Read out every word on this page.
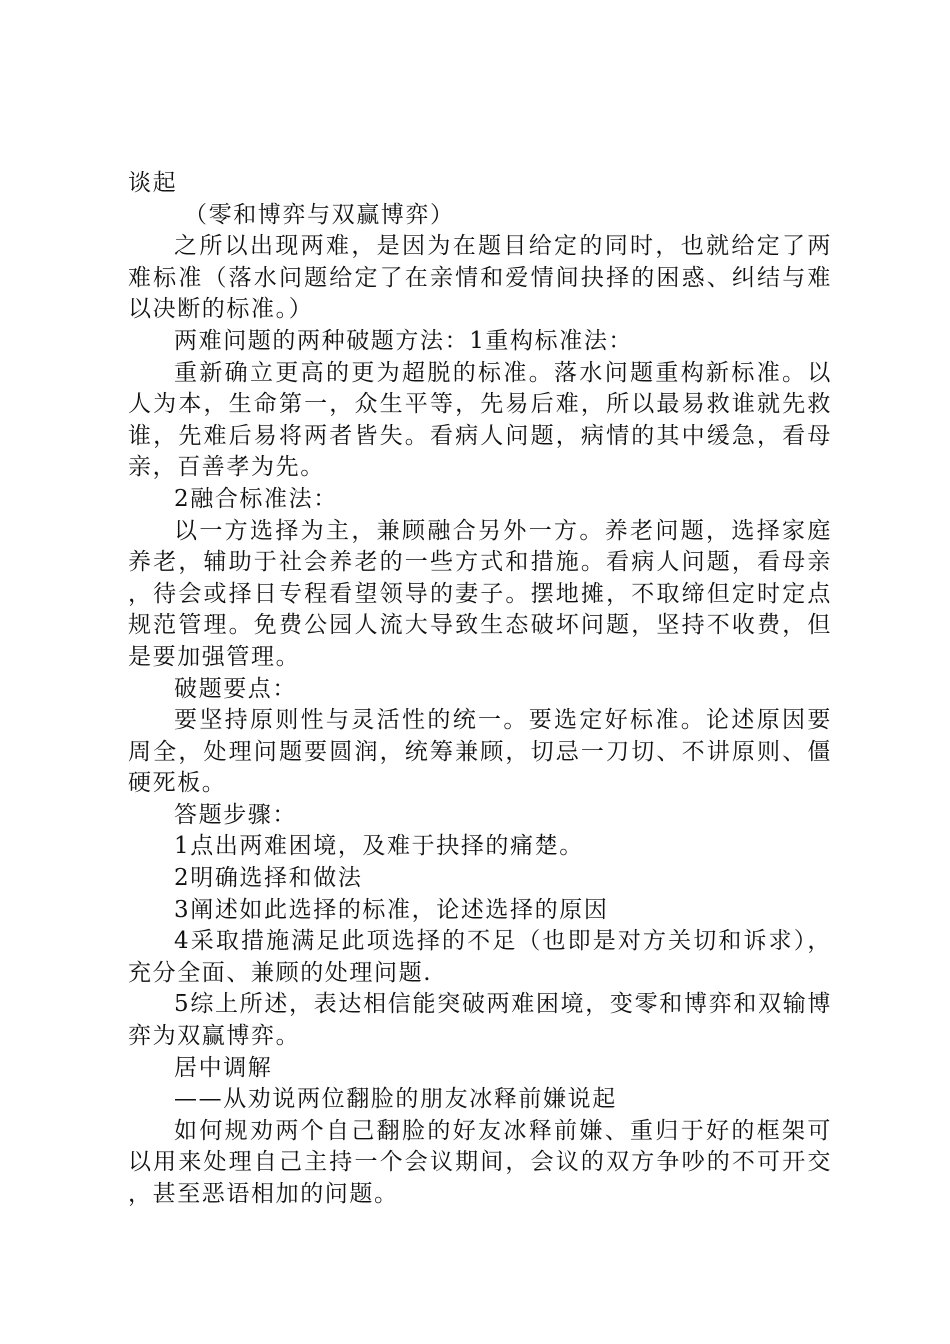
谈起

（零和博弈与双赢博弈）

之所以出现两难，是因为在题目给定的同时，也就给定了两难标准（落水问题给定了在亲情和爱情间抉择的困惑、纠结与难以决断的标准。）

两难问题的两种破题方法：1重构标准法：

重新确立更高的更为超脱的标准。落水问题重构新标准。以人为本，生命第一，众生平等，先易后难，所以最易救谁就先救谁，先难后易将两者皆失。看病人问题，病情的其中缓急，看母亲，百善孝为先。

2融合标准法：

以一方选择为主，兼顾融合另外一方。养老问题，选择家庭养老，辅助于社会养老的一些方式和措施。看病人问题，看母亲，待会或择日专程看望领导的妻子。摆地摊，不取缔但定时定点规范管理。免费公园人流大导致生态破坏问题，坚持不收费，但是要加强管理。

破题要点：

要坚持原则性与灵活性的统一。要选定好标准。论述原因要周全，处理问题要圆润，统筹兼顾，切忌一刀切、不讲原则、僵硬死板。

答题步骤：

1点出两难困境，及难于抉择的痛楚。

2明确选择和做法

3阐述如此选择的标准，论述选择的原因

4采取措施满足此项选择的不足（也即是对方关切和诉求），充分全面、兼顾的处理问题.

5综上所述，表达相信能突破两难困境，变零和博弈和双输博弈为双赢博弈。

居中调解

——从劝说两位翻脸的朋友冰释前嫌说起

如何规劝两个自己翻脸的好友冰释前嫌、重归于好的框架可以用来处理自己主持一个会议期间，会议的双方争吵的不可开交，甚至恶语相加的问题。
